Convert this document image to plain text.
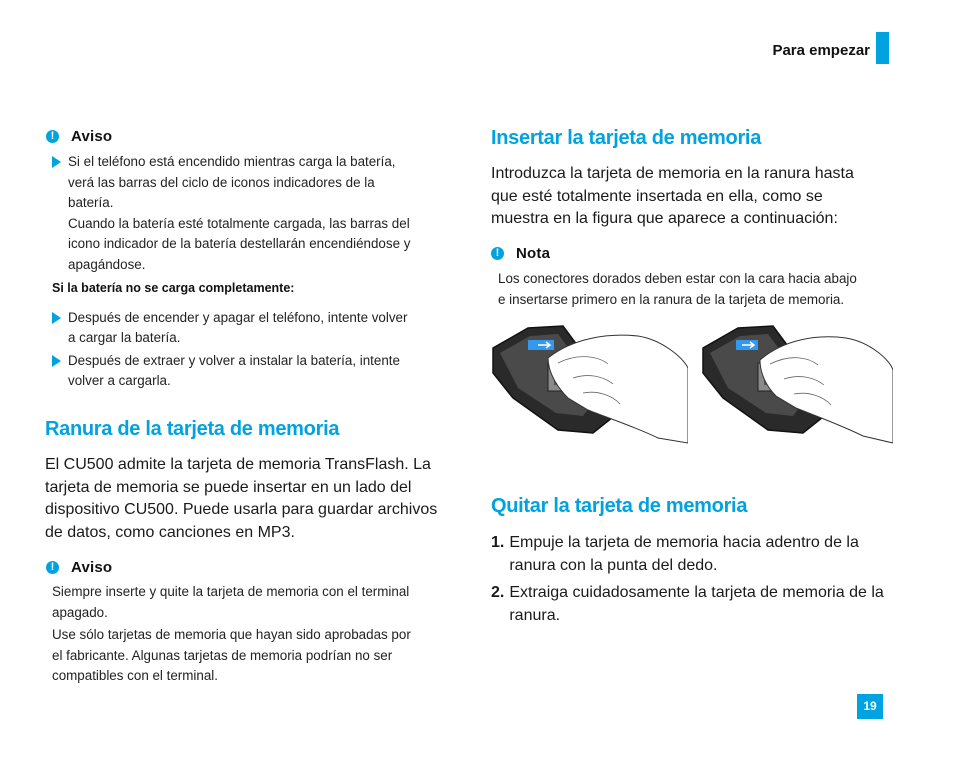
Para empezar
!	Aviso
Si el teléfono está encendido mientras carga la batería,
verá las barras del ciclo de iconos indicadores de la
batería.
Cuando la batería esté totalmente cargada, las barras del
icono indicador de la batería destellarán encendiéndose y
apagándose.
Si la batería no se carga completamente:
Después de encender y apagar el teléfono, intente volver
a cargar la batería.
Después de extraer y volver a instalar la batería, intente
volver a cargarla.
Ranura de la tarjeta de memoria
El CU500 admite la tarjeta de memoria TransFlash. La
tarjeta de memoria se puede insertar en un lado del
dispositivo CU500. Puede usarla para guardar archivos
de datos, como canciones en MP3.
!	Aviso
Siempre inserte y quite la tarjeta de memoria con el terminal
apagado.
Use sólo tarjetas de memoria que hayan sido aprobadas por
el fabricante. Algunas tarjetas de memoria podrían no ser
compatibles con el terminal.
Insertar la tarjeta de memoria
Introduzca la tarjeta de memoria en la ranura hasta
que esté totalmente insertada en ella, como se
muestra en la figura que aparece a continuación:
!	Nota
Los conectores dorados deben estar con la cara hacia abajo
e insertarse primero en la ranura de la tarjeta de memoria.
Quitar la tarjeta de memoria
1. Empuje la tarjeta de memoria hacia adentro de la
ranura con la punta del dedo.
2. Extraiga cuidadosamente la tarjeta de memoria de la
ranura.
19
